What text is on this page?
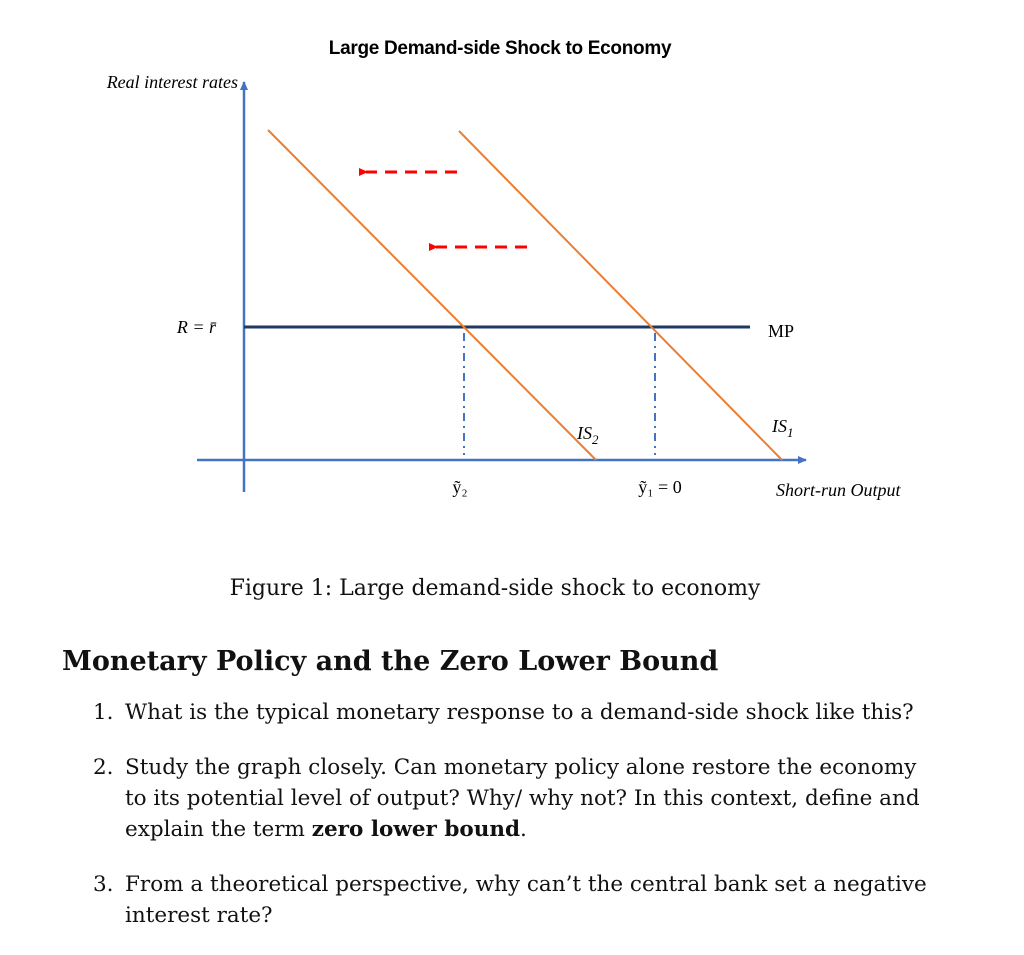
Large Demand-side Shock to Economy
Real interest rates
Short-run Output
R = r̄	MP
$IS_2$
$IS_1$
ỹ₂	ỹ₁ = 0
Figure 1: Large demand-side shock to economy
Monetary Policy and the Zero Lower Bound
1. What is the typical monetary response to a demand-side shock like this?
2. Study the graph closely. Can monetary policy alone restore the economy to its potential level of output? Why/ why not? In this context, define and explain the term zero lower bound.
3. From a theoretical perspective, why can’t the central bank set a negative interest rate?
